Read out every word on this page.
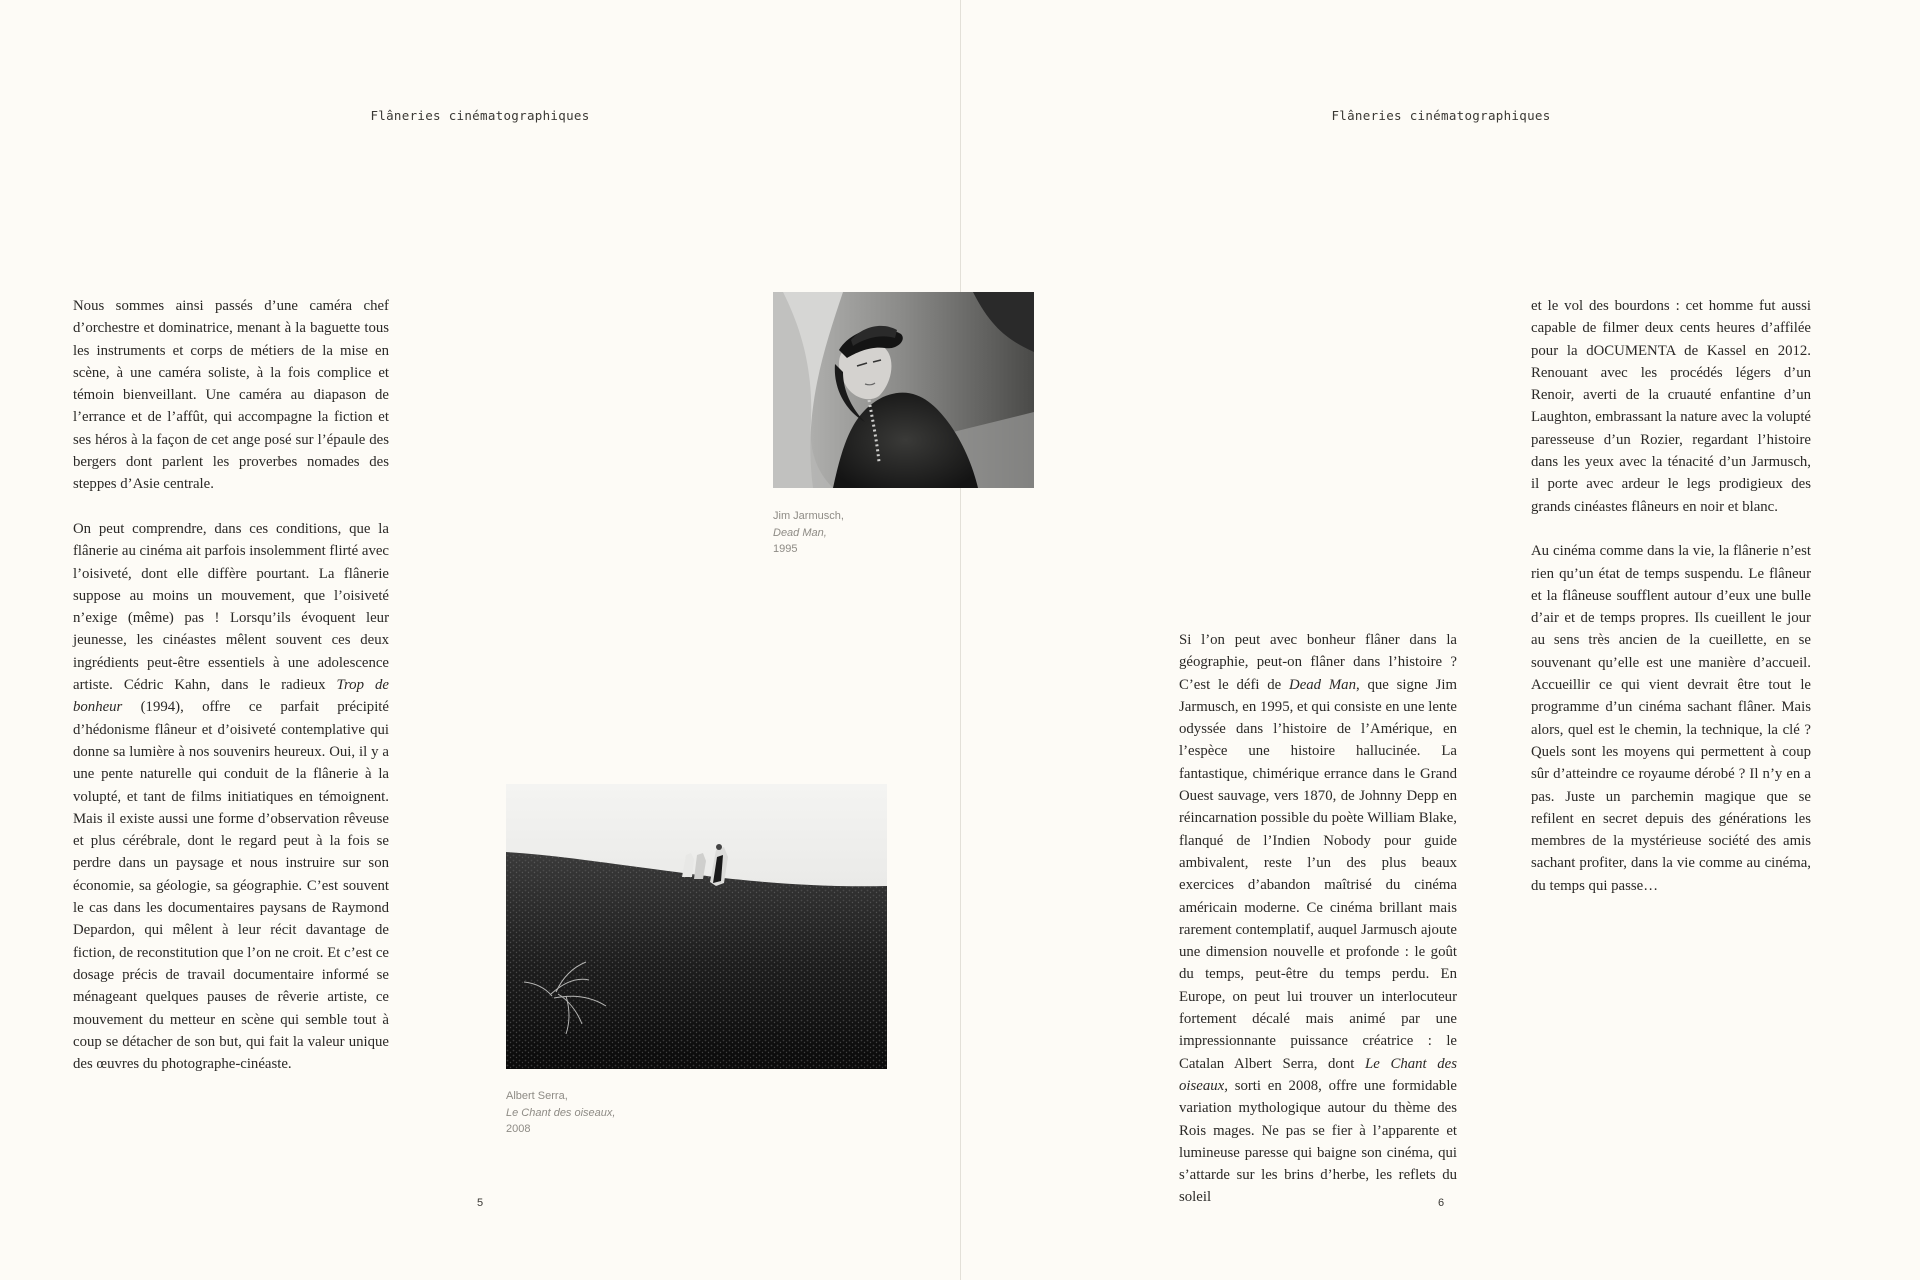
Flâneries cinématographiques

Nous sommes ainsi passés d’une caméra chef d’orchestre et dominatrice, menant à la baguette tous les instruments et corps de métiers de la mise en scène, à une caméra soliste, à la fois complice et témoin bienveillant. Une caméra au diapason de l’errance et de l’affût, qui accompagne la fiction et ses héros à la façon de cet ange posé sur l’épaule des bergers dont parlent les proverbes nomades des steppes d’Asie centrale.

On peut comprendre, dans ces conditions, que la flânerie au cinéma ait parfois insolemment flirté avec l’oisiveté, dont elle diffère pourtant. La flânerie suppose au moins un mouvement, que l’oisiveté n’exige (même) pas ! Lorsqu’ils évoquent leur jeunesse, les cinéastes mêlent souvent ces deux ingrédients peut-être essentiels à une adolescence artiste. Cédric Kahn, dans le radieux Trop de bonheur (1994), offre ce parfait précipité d’hédonisme flâneur et d’oisiveté contemplative qui donne sa lumière à nos souvenirs heureux. Oui, il y a une pente naturelle qui conduit de la flânerie à la volupté, et tant de films initiatiques en témoignent. Mais il existe aussi une forme d’observation rêveuse et plus cérébrale, dont le regard peut à la fois se perdre dans un paysage et nous instruire sur son économie, sa géologie, sa géographie. C’est souvent le cas dans les documentaires paysans de Raymond Depardon, qui mêlent à leur récit davantage de fiction, de reconstitution que l’on ne croit. Et c’est ce dosage précis de travail documentaire informé se ménageant quelques pauses de rêverie artiste, ce mouvement du metteur en scène qui semble tout à coup se détacher de son but, qui fait la valeur unique des œuvres du photographe-cinéaste.

Albert Serra,
Le Chant des oiseaux,
2008
5
Flâneries cinématographiques

Si l’on peut avec bonheur flâner dans la géographie, peut-on flâner dans l’histoire ? C’est le défi de Dead Man, que signe Jim Jarmusch, en 1995, et qui consiste en une lente odyssée dans l’histoire de l’Amérique, en l’espèce une histoire hallucinée. La fantastique, chimérique errance dans le Grand Ouest sauvage, vers 1870, de Johnny Depp en réincarnation possible du poète William Blake, flanqué de l’Indien Nobody pour guide ambivalent, reste l’un des plus beaux exercices d’abandon maîtrisé du cinéma américain moderne. Ce cinéma brillant mais rarement contemplatif, auquel Jarmusch ajoute une dimension nouvelle et profonde : le goût du temps, peut-être du temps perdu. En Europe, on peut lui trouver un interlocuteur fortement décalé mais animé par une impressionnante puissance créatrice : le Catalan Albert Serra, dont Le Chant des oiseaux, sorti en 2008, offre une formidable variation mythologique autour du thème des Rois mages. Ne pas se fier à l’apparente et lumineuse paresse qui baigne son cinéma, qui s’attarde sur les brins d’herbe, les reflets du soleil

et le vol des bourdons : cet homme fut aussi capable de filmer deux cents heures d’affilée pour la dOCUMENTA de Kassel en 2012. Renouant avec les procédés légers d’un Renoir, averti de la cruauté enfantine d’un Laughton, embrassant la nature avec la volupté paresseuse d’un Rozier, regardant l’histoire dans les yeux avec la ténacité d’un Jarmusch, il porte avec ardeur le legs prodigieux des grands cinéastes flâneurs en noir et blanc.

Au cinéma comme dans la vie, la flânerie n’est rien qu’un état de temps suspendu. Le flâneur et la flâneuse soufflent autour d’eux une bulle d’air et de temps propres. Ils cueillent le jour au sens très ancien de la cueillette, en se souvenant qu’elle est une manière d’accueil. Accueillir ce qui vient devrait être tout le programme d’un cinéma sachant flâner. Mais alors, quel est le chemin, la technique, la clé ? Quels sont les moyens qui permettent à coup sûr d’atteindre ce royaume dérobé ? Il n’y en a pas. Juste un parchemin magique que se refilent en secret depuis des générations les membres de la mystérieuse société des amis sachant profiter, dans la vie comme au cinéma, du temps qui passe…

6
Jim Jarmusch,
Dead Man,
1995
